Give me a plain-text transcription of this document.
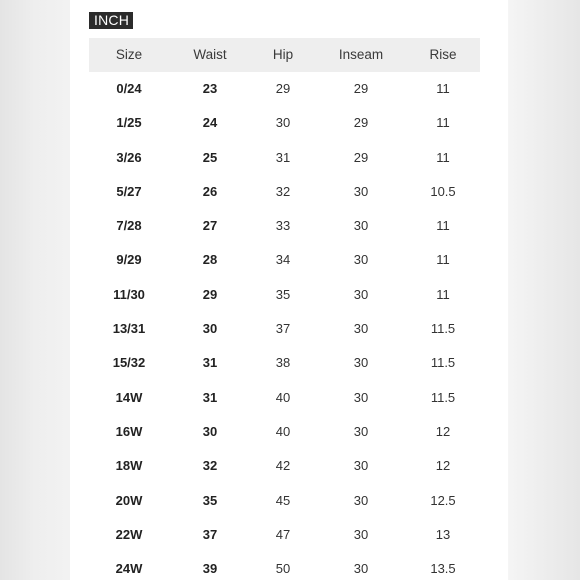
INCH
Size	Waist	Hip	Inseam	Rise
0/24	23	29	29	11
1/25	24	30	29	11
3/26	25	31	29	11
5/27	26	32	30	10.5
7/28	27	33	30	11
9/29	28	34	30	11
11/30	29	35	30	11
13/31	30	37	30	11.5
15/32	31	38	30	11.5
14W	31	40	30	11.5
16W	30	40	30	12
18W	32	42	30	12
20W	35	45	30	12.5
22W	37	47	30	13
24W	39	50	30	13.5
